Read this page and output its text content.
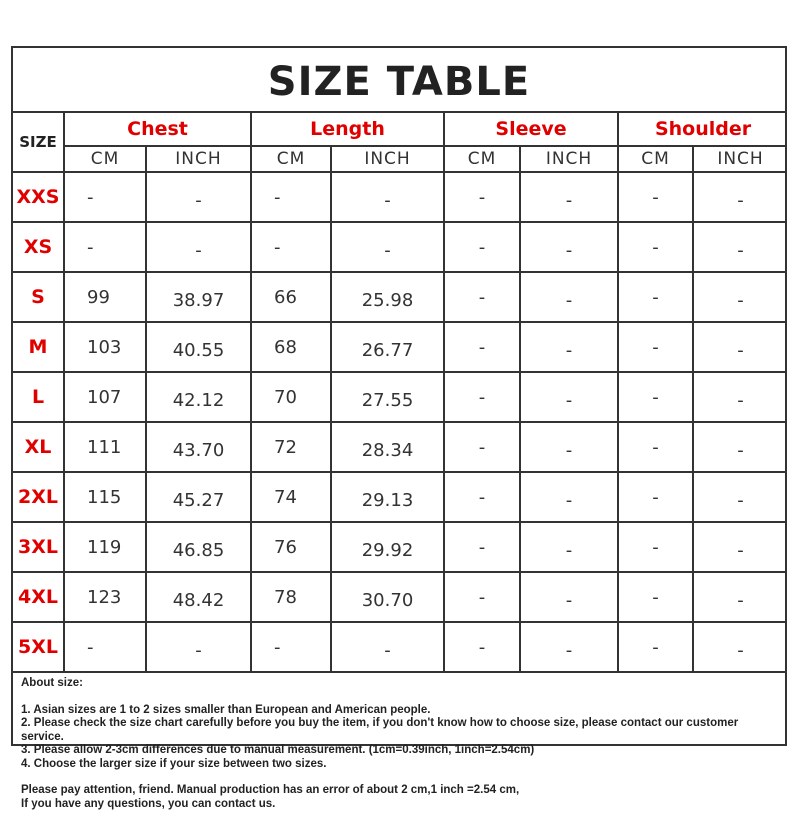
SIZE TABLE
SIZE	Chest		Length		Sleeve		Shoulder	
	CM	INCH	CM	INCH	CM	INCH	CM	INCH
XXS	-	-	-	-	-	-	-	-
XS	-	-	-	-	-	-	-	-
S	99	38.97	66	25.98	-	-	-	-
M	103	40.55	68	26.77	-	-	-	-
L	107	42.12	70	27.55	-	-	-	-
XL	111	43.70	72	28.34	-	-	-	-
2XL	115	45.27	74	29.13	-	-	-	-
3XL	119	46.85	76	29.92	-	-	-	-
4XL	123	48.42	78	30.70	-	-	-	-
5XL	-	-	-	-	-	-	-	-

About size:

1. Asian sizes are 1 to 2 sizes smaller than European and American people.

2. Please check the size chart carefully before you buy the item, if you don't know how to choose size, please contact our customer service.

3. Please allow 2-3cm differences due to manual measurement. (1cm=0.39inch, 1inch=2.54cm)

4. Choose the larger size if your size between two sizes.

Please pay attention, friend. Manual production has an error of about 2 cm,1 inch =2.54 cm,

If you have any questions, you can contact us.
